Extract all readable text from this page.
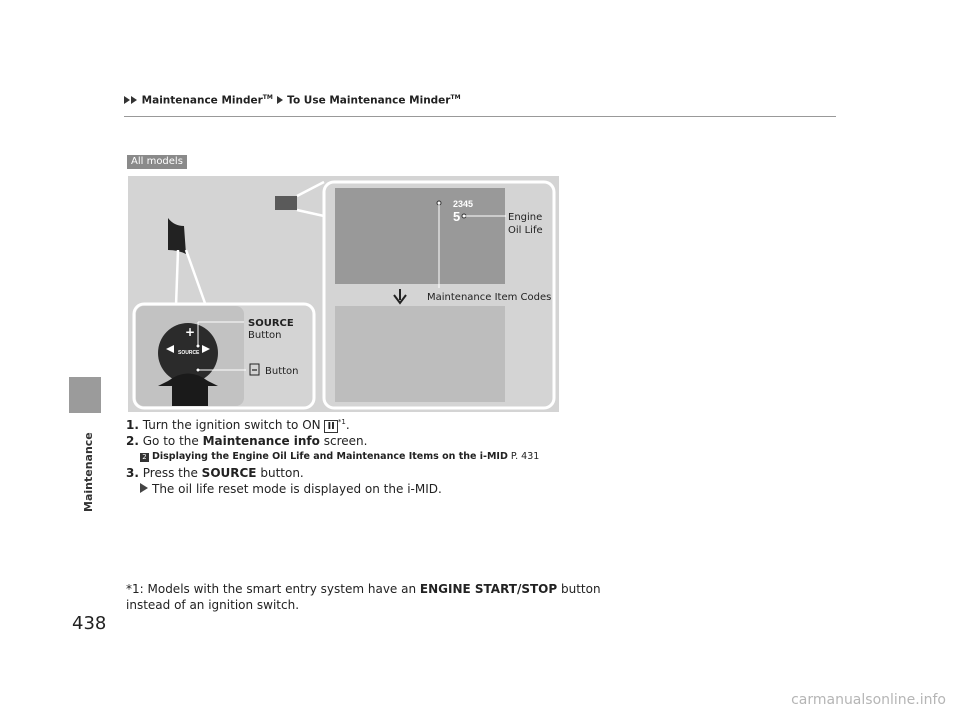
Maintenance
Maintenance Minder™ To Use Maintenance Minder™
All models
2345
5	Engine
Oil Life
Maintenance Item Codes
+
SOURCE
SOURCE
Button
Button
1. Turn the ignition switch to ON II $^{*1}$.
2. Go to the Maintenance info screen.
2 Displaying the Engine Oil Life and Maintenance Items on the i-MID P. 431
3. Press the SOURCE button.
The oil life reset mode is displayed on the i-MID.
*1: Models with the smart entry system have an ENGINE START/STOP button
instead of an ignition switch.
438
carmanualsonline.info
